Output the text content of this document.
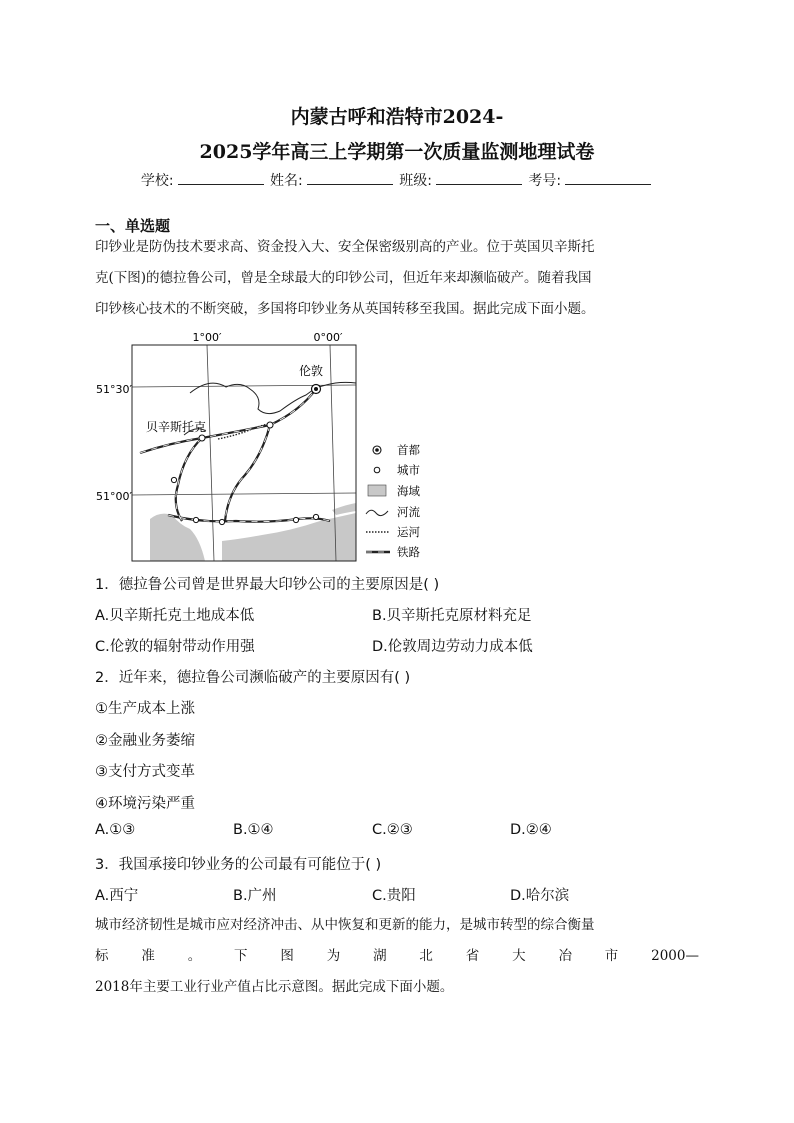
内蒙古呼和浩特市2024-
2025学年高三上学期第一次质量监测地理试卷
学校:	姓名:	班级:	考号:
一、单选题
印钞业是防伪技术要求高、资金投入大、安全保密级别高的产业。位于英国贝辛斯托
克(下图)的德拉鲁公司，曾是全球最大的印钞公司，但近年来却濒临破产。随着我国
印钞核心技术的不断突破，多国将印钞业务从英国转移至我国。据此完成下面小题。
1°00′	0°00′
51°30′
51°00′
伦敦
贝辛斯托克
首都
城市
海域
河流
运河
铁路
1．德拉鲁公司曾是世界最大印钞公司的主要原因是( )
A.贝辛斯托克土地成本低	B.贝辛斯托克原材料充足
C.伦敦的辐射带动作用强	D.伦敦周边劳动力成本低
2．近年来，德拉鲁公司濒临破产的主要原因有( )
①生产成本上涨
②金融业务萎缩
③支付方式变革
④环境污染严重
A.①③	B.①④	C.②③	D.②④
3．我国承接印钞业务的公司最有可能位于( )
A.西宁	B.广州	C.贵阳	D.哈尔滨
城市经济韧性是城市应对经济冲击、从中恢复和更新的能力，是城市转型的综合衡量
标 准 。 下 图 为 湖 北 省 大 冶 市 2000—
2018年主要工业行业产值占比示意图。据此完成下面小题。
